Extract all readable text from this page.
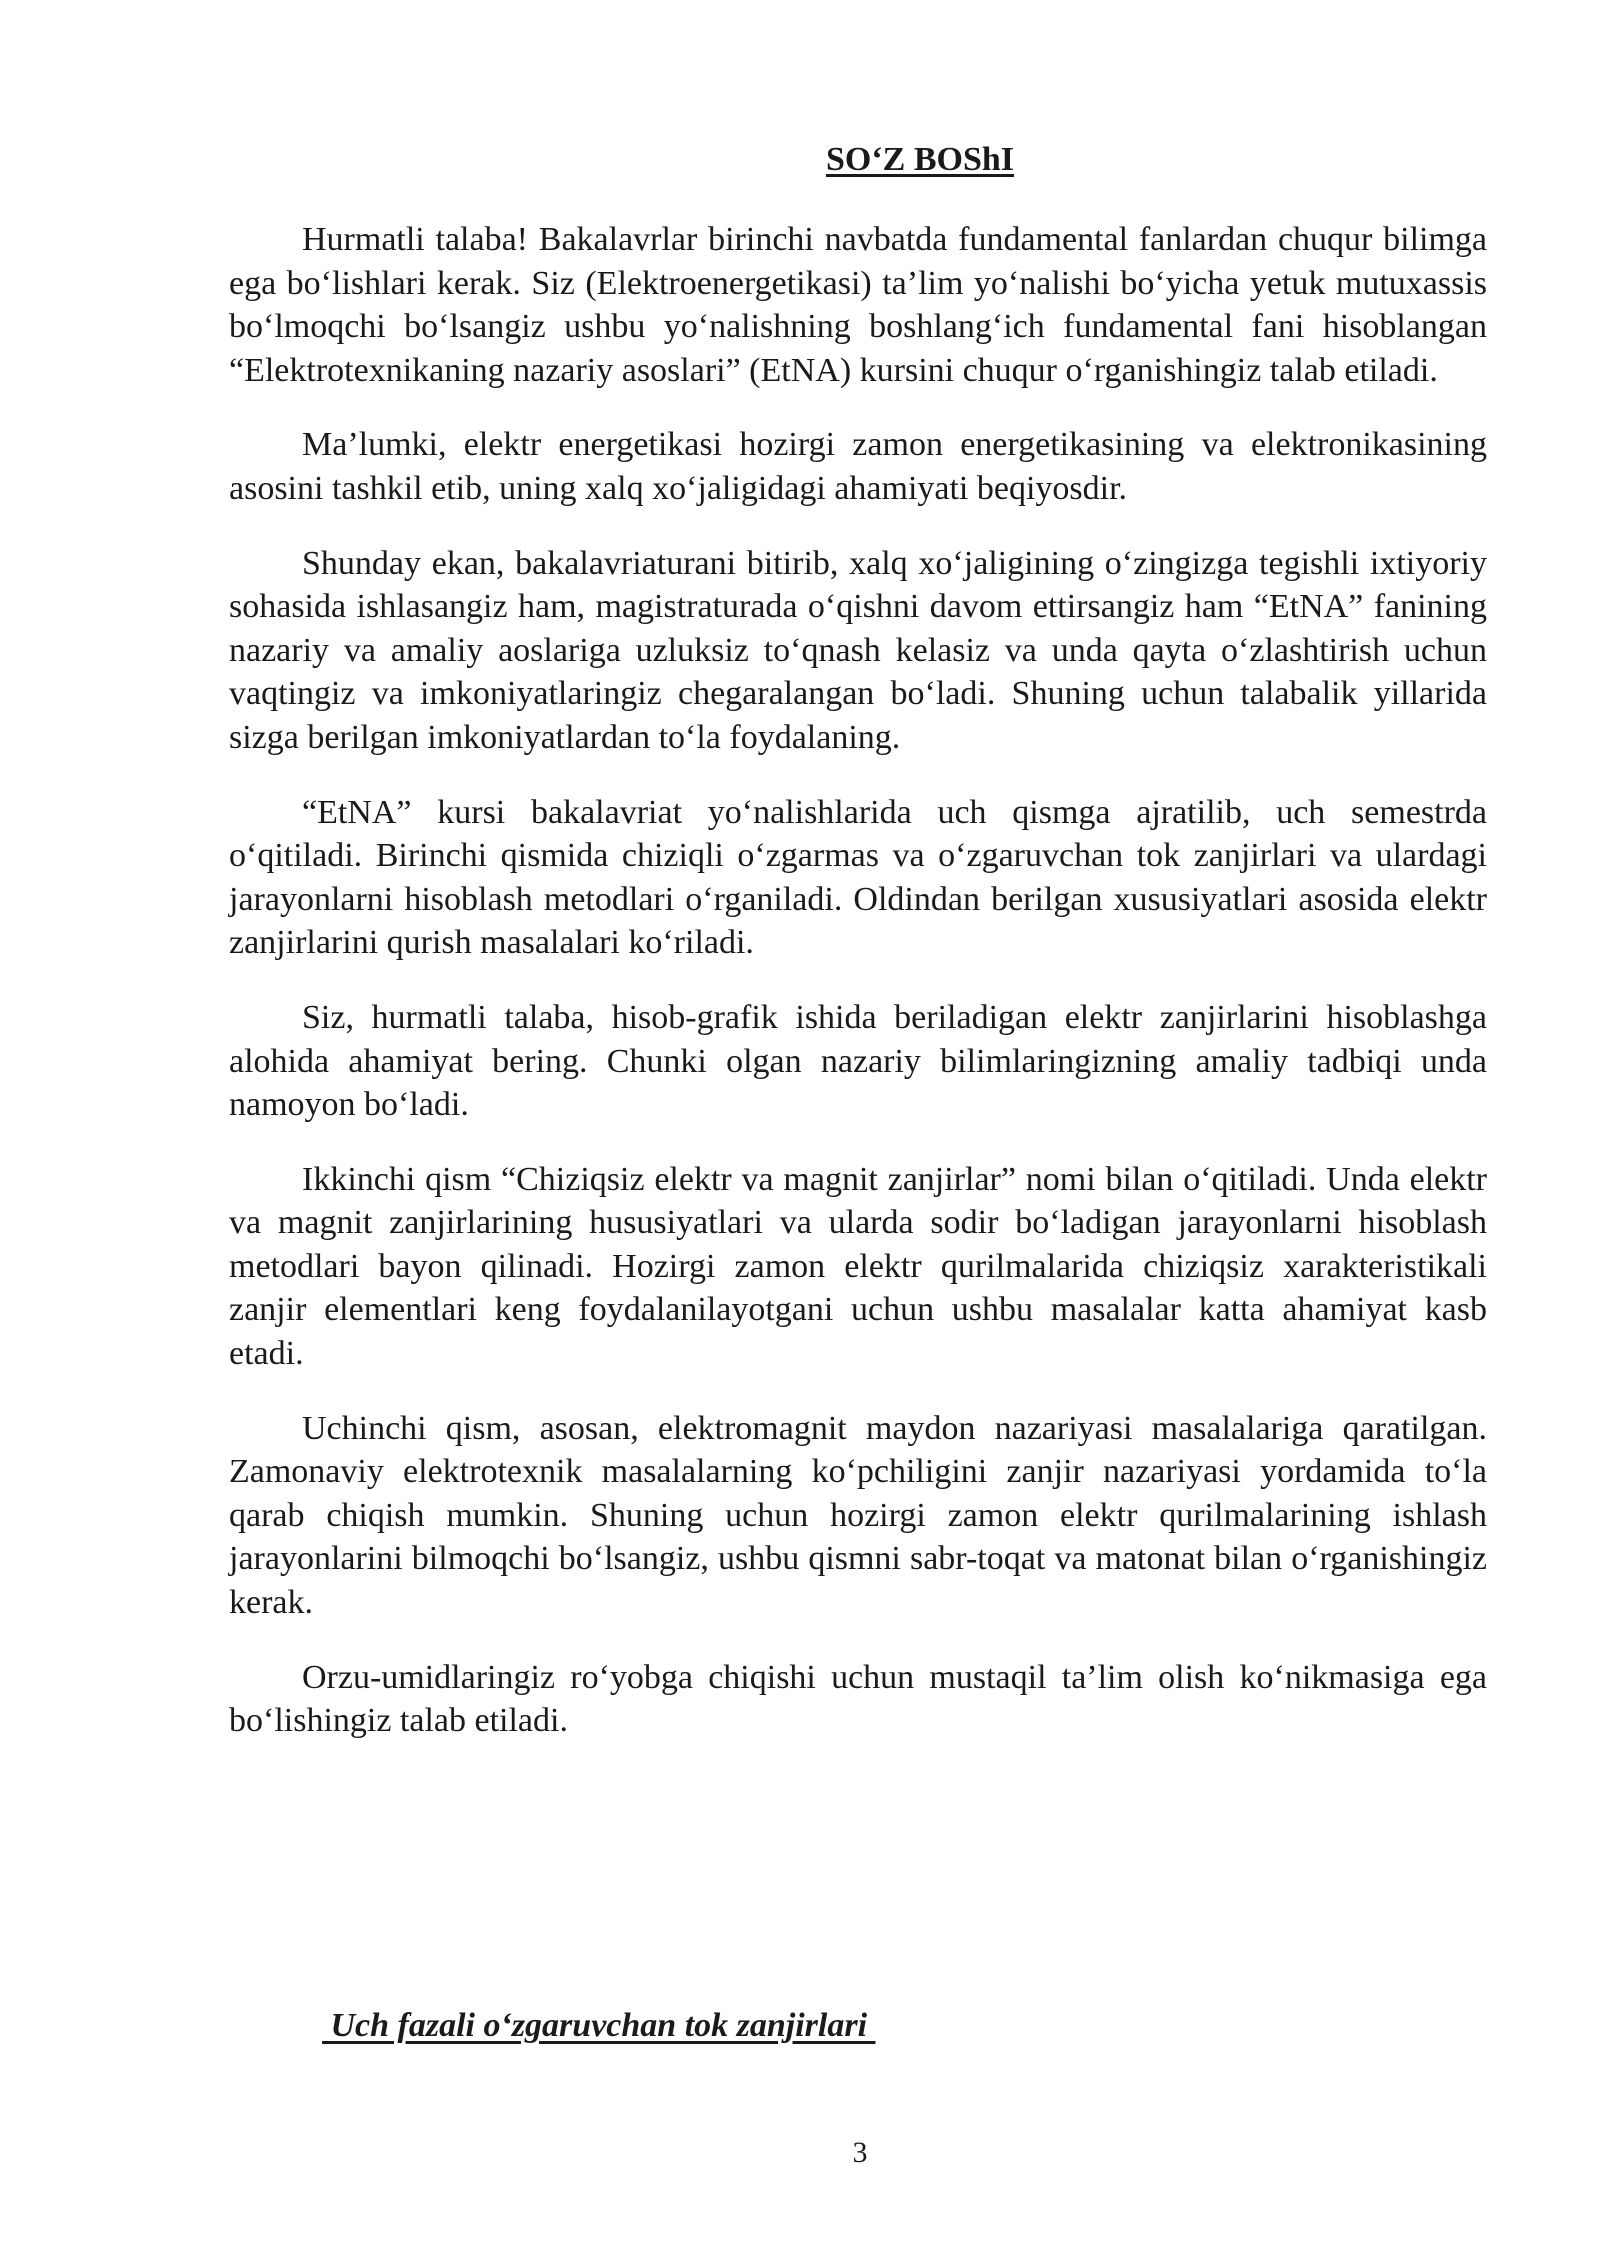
SO‘Z BOShI

Hurmatli talaba! Bakalavrlar birinchi navbatda fundamental fanlardan chuqur bilimga ega bo‘lishlari kerak. Siz (Elektroenergetikasi) ta’lim yo‘nalishi bo‘yicha yetuk mutuxassis bo‘lmoqchi bo‘lsangiz ushbu yo‘nalishning boshlang‘ich fundamental fani hisoblangan “Elektrotexnikaning nazariy asoslari” (EtNA) kursini chuqur o‘rganishingiz talab etiladi.

Ma’lumki, elektr energetikasi hozirgi zamon energetikasining va elektronikasining asosini tashkil etib, uning xalq xo‘jaligidagi ahamiyati beqiyosdir.

Shunday ekan, bakalavriaturani bitirib, xalq xo‘jaligining o‘zingizga tegishli ixtiyoriy sohasida ishlasangiz ham, magistraturada o‘qishni davom ettirsangiz ham “EtNA” fanining nazariy va amaliy aoslariga uzluksiz to‘qnash kelasiz va unda qayta o‘zlashtirish uchun vaqtingiz va imkoniyatlaringiz chegaralangan bo‘ladi. Shuning uchun talabalik yillarida sizga berilgan imkoniyatlardan to‘la foydalaning.

“EtNA” kursi bakalavriat yo‘nalishlarida uch qismga ajratilib, uch semestrda o‘qitiladi. Birinchi qismida chiziqli o‘zgarmas va o‘zgaruvchan tok zanjirlari va ulardagi jarayonlarni hisoblash metodlari o‘rganiladi. Oldindan berilgan xususiyatlari asosida elektr zanjirlarini qurish masalalari ko‘riladi.

Siz, hurmatli talaba, hisob-grafik ishida beriladigan elektr zanjirlarini hisoblashga alohida ahamiyat bering. Chunki olgan nazariy bilimlaringizning amaliy tadbiqi unda namoyon bo‘ladi.

Ikkinchi qism “Chiziqsiz elektr va magnit zanjirlar” nomi bilan o‘qitiladi. Unda elektr va magnit zanjirlarining hususiyatlari va ularda sodir bo‘ladigan jarayonlarni hisoblash metodlari bayon qilinadi. Hozirgi zamon elektr qurilmalarida chiziqsiz xarakteristikali zanjir elementlari keng foydalanilayotgani uchun ushbu masalalar katta ahamiyat kasb etadi.

Uchinchi qism, asosan, elektromagnit maydon nazariyasi masalalariga qaratilgan. Zamonaviy elektrotexnik masalalarning ko‘pchiligini zanjir nazariyasi yordamida to‘la qarab chiqish mumkin. Shuning uchun hozirgi zamon elektr qurilmalarining ishlash jarayonlarini bilmoqchi bo‘lsangiz, ushbu qismni sabr-toqat va matonat bilan o‘rganishingiz kerak.

Orzu-umidlaringiz ro‘yobga chiqishi uchun mustaqil ta’lim olish ko‘nikmasiga ega bo‘lishingiz talab etiladi.

Uch fazali o‘zgaruvchan tok zanjirlari
3
